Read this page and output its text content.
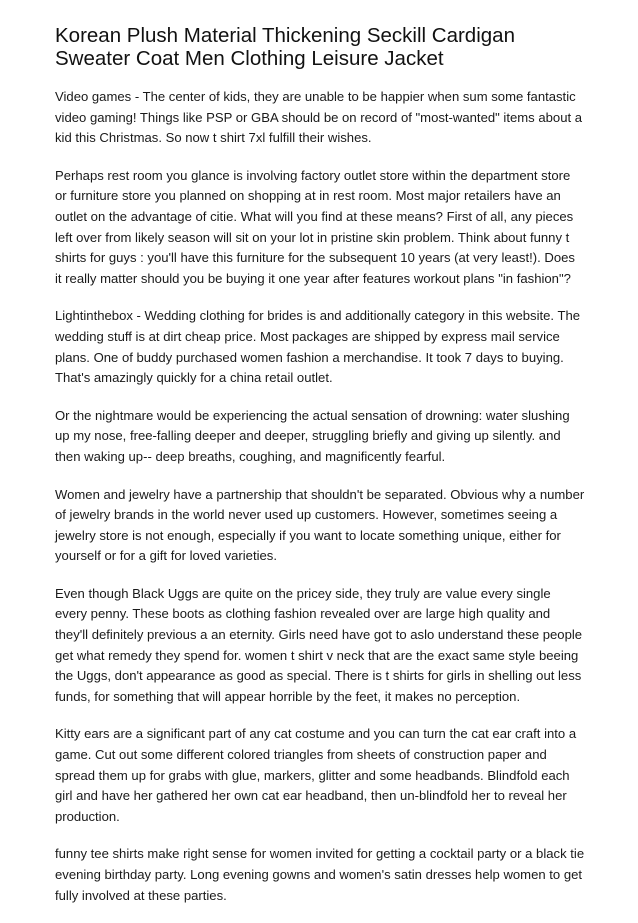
Korean Plush Material Thickening Seckill Cardigan Sweater Coat Men Clothing Leisure Jacket

Video games - The center of kids, they are unable to be happier when sum some fantastic video gaming! Things like PSP or GBA should be on record of "most-wanted" items about a kid this Christmas. So now t shirt 7xl fulfill their wishes.

Perhaps rest room you glance is involving factory outlet store within the department store or furniture store you planned on shopping at in rest room. Most major retailers have an outlet on the advantage of citie. What will you find at these means? First of all, any pieces left over from likely season will sit on your lot in pristine skin problem. Think about funny t shirts for guys : you'll have this furniture for the subsequent 10 years (at very least!). Does it really matter should you be buying it one year after features workout plans "in fashion"?

Lightinthebox - Wedding clothing for brides is and additionally category in this website. The wedding stuff is at dirt cheap price. Most packages are shipped by express mail service plans. One of buddy purchased women fashion a merchandise. It took 7 days to buying. That's amazingly quickly for a china retail outlet.

Or the nightmare would be experiencing the actual sensation of drowning: water slushing up my nose, free-falling deeper and deeper, struggling briefly and giving up silently. and then waking up-- deep breaths, coughing, and magnificently fearful.

Women and jewelry have a partnership that shouldn't be separated. Obvious why a number of jewelry brands in the world never used up customers. However, sometimes seeing a jewelry store is not enough, especially if you want to locate something unique, either for yourself or for a gift for loved varieties.

Even though Black Uggs are quite on the pricey side, they truly are value every single every penny. These boots as clothing fashion revealed over are large high quality and they'll definitely previous a an eternity. Girls need have got to aslo understand these people get what remedy they spend for. women t shirt v neck that are the exact same style beeing the Uggs, don't appearance as good as special. There is t shirts for girls in shelling out less funds, for something that will appear horrible by the feet, it makes no perception.

Kitty ears are a significant part of any cat costume and you can turn the cat ear craft into a game. Cut out some different colored triangles from sheets of construction paper and spread them up for grabs with glue, markers, glitter and some headbands. Blindfold each girl and have her gathered her own cat ear headband, then un-blindfold her to reveal her production.

funny tee shirts make right sense for women invited for getting a cocktail party or a black tie evening birthday party. Long evening gowns and women's satin dresses help women to get fully involved at these parties.
